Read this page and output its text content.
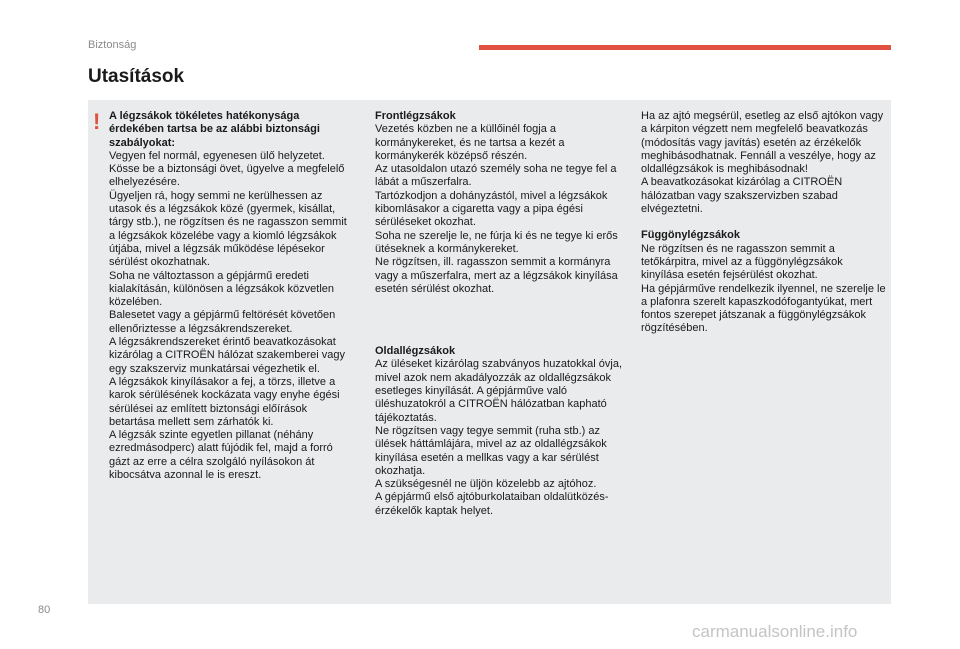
Biztonság
Utasítások
! A légzsákok tökéletes hatékonysága érdekében tartsa be az alábbi biztonsági szabályokat:

Vegyen fel normál, egyenesen ülő helyzetet.
Kösse be a biztonsági övet, ügyelve a megfelelő elhelyezésére.
Ügyeljen rá, hogy semmi ne kerülhessen az utasok és a légzsákok közé (gyermek, kisállat, tárgy stb.), ne rögzítsen és ne ragasszon semmit a légzsákok közelébe vagy a kiomló légzsákok útjába, mivel a légzsák működése lépésekor sérülést okozhatnak.
Soha ne változtasson a gépjármű eredeti kialakításán, különösen a légzsákok közvetlen közelében.
Balesetet vagy a gépjármű feltörését követően ellenőriztesse a légzsákrendszereket.
A légzsákrendszereket érintő beavatkozásokat kizárólag a CITROËN hálózat szakemberei vagy egy szakszerviz munkatársai végezhetik el.
A légzsákok kinyílásakor a fej, a törzs, illetve a karok sérülésének kockázata vagy enyhe égési sérülései az említett biztonsági előírások betartása mellett sem zárhatók ki.
A légzsák szinte egyetlen pillanat (néhány ezredmásodperc) alatt fújódik fel, majd a forró gázt az erre a célra szolgáló nyílásokon át kibocsátva azonnal le is ereszt.

Frontlégzsákok

Vezetés közben ne a küllőinél fogja a kormánykereket, és ne tartsa a kezét a kormánykerék középső részén.
Az utasoldalon utazó személy soha ne tegye fel a lábát a műszerfalra.
Tartózkodjon a dohányzástól, mivel a légzsákok kibomlásakor a cigaretta vagy a pipa égési sérüléseket okozhat.
Soha ne szerelje le, ne fúrja ki és ne tegye ki erős ütéseknek a kormánykereket.
Ne rögzítsen, ill. ragasszon semmit a kormányra vagy a műszerfalra, mert az a légzsákok kinyílása esetén sérülést okozhat.

Oldallégzsákok

Az üléseket kizárólag szabványos huzatokkal óvja, mivel azok nem akadályozzák az oldallégzsákok esetleges kinyílását. A gépjárműve való üléshuzatokról a CITROËN hálózatban kapható tájékoztatás.
Ne rögzítsen vagy tegye semmit (ruha stb.) az ülések háttámlájára, mivel az az oldallégzsákok kinyílása esetén a mellkas vagy a kar sérülést okozhatja.
A szükségesnél ne üljön közelebb az ajtóhoz.
A gépjármű első ajtóburkolataiban oldalütközés-érzékelők kaptak helyet.

Ha az ajtó megsérül, esetleg az első ajtókon vagy a kárpiton végzett nem megfelelő beavatkozás (módosítás vagy javítás) esetén az érzékelők meghibásodhatnak. Fennáll a veszélye, hogy az oldallégzsákok is meghibásodnak!
A beavatkozásokat kizárólag a CITROËN hálózatban vagy szakszervizben szabad elvégeztetni.

Függönylégzsákok

Ne rögzítsen és ne ragasszon semmit a tetőkárpitra, mivel az a függönylégzsákok kinyílása esetén fejsérülést okozhat.
Ha gépjárműve rendelkezik ilyennel, ne szerelje le a plafonra szerelt kapaszkodófogantyúkat, mert fontos szerepet játszanak a függönylégzsákok rögzítésében.

80
carmanualsonline.info
